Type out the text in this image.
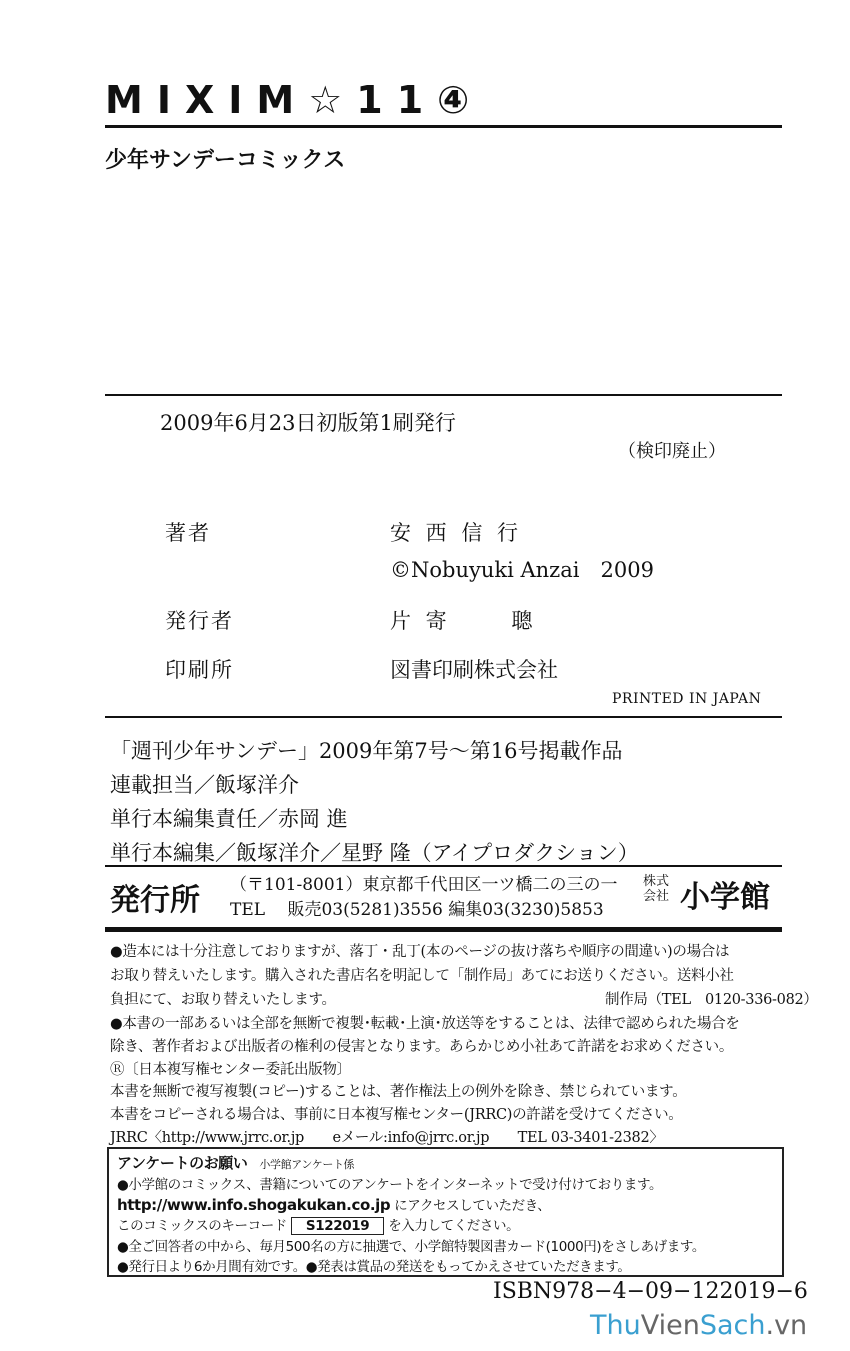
MIXIM☆11④
少年サンデーコミックス
2009年6月23日初版第1刷発行
（検印廃止）
著者	安 西 信 行
©Nobuyuki Anzai　2009
発行者	片 寄　　 聰
印刷所	図書印刷株式会社
PRINTED IN JAPAN
「週刊少年サンデー」2009年第7号～第16号掲載作品
連載担当／飯塚洋介
単行本編集責任／赤岡 進
単行本編集／飯塚洋介／星野 隆（アイプロダクション）
発行所 （〒101-8001）東京都千代田区一ツ橋二の三の一
TEL　 販売03(5281)3556 編集03(3230)5853
株式
会社 小学館
●造本には十分注意しておりますが、落丁・乱丁(本のページの抜け落ちや順序の間違い)の場合は
お取り替えいたします。購入された書店名を明記して「制作局」あてにお送りください。送料小社
負担にて、お取り替えいたします。	制作局（TEL　0120-336-082）
●本書の一部あるいは全部を無断で複製･転載･上演･放送等をすることは、法律で認められた場合を
除き、著作者および出版者の権利の侵害となります。あらかじめ小社あて許諾をお求めください。
Ⓡ〔日本複写権センター委託出版物〕
本書を無断で複写複製(コピー)することは、著作権法上の例外を除き、禁じられています。
本書をコピーされる場合は、事前に日本複写権センター(JRRC)の許諾を受けてください。
JRRC〈http://www.jrrc.or.jp　　eメール:info@jrrc.or.jp　　TEL 03-3401-2382〉
アンケートのお願い 小学館アンケート係
●小学館のコミックス、書籍についてのアンケートをインターネットで受け付けております。
http://www.info.shogakukan.co.jp にアクセスしていただき、
このコミックスのキーコード S122019 を入力してください。
●全ご回答者の中から、毎月500名の方に抽選で、小学館特製図書カード(1000円)をさしあげます。
●発行日より6か月間有効です。●発表は賞品の発送をもってかえさせていただきます。
ISBN978−4−09−122019−6
ThuVienSach.vn
